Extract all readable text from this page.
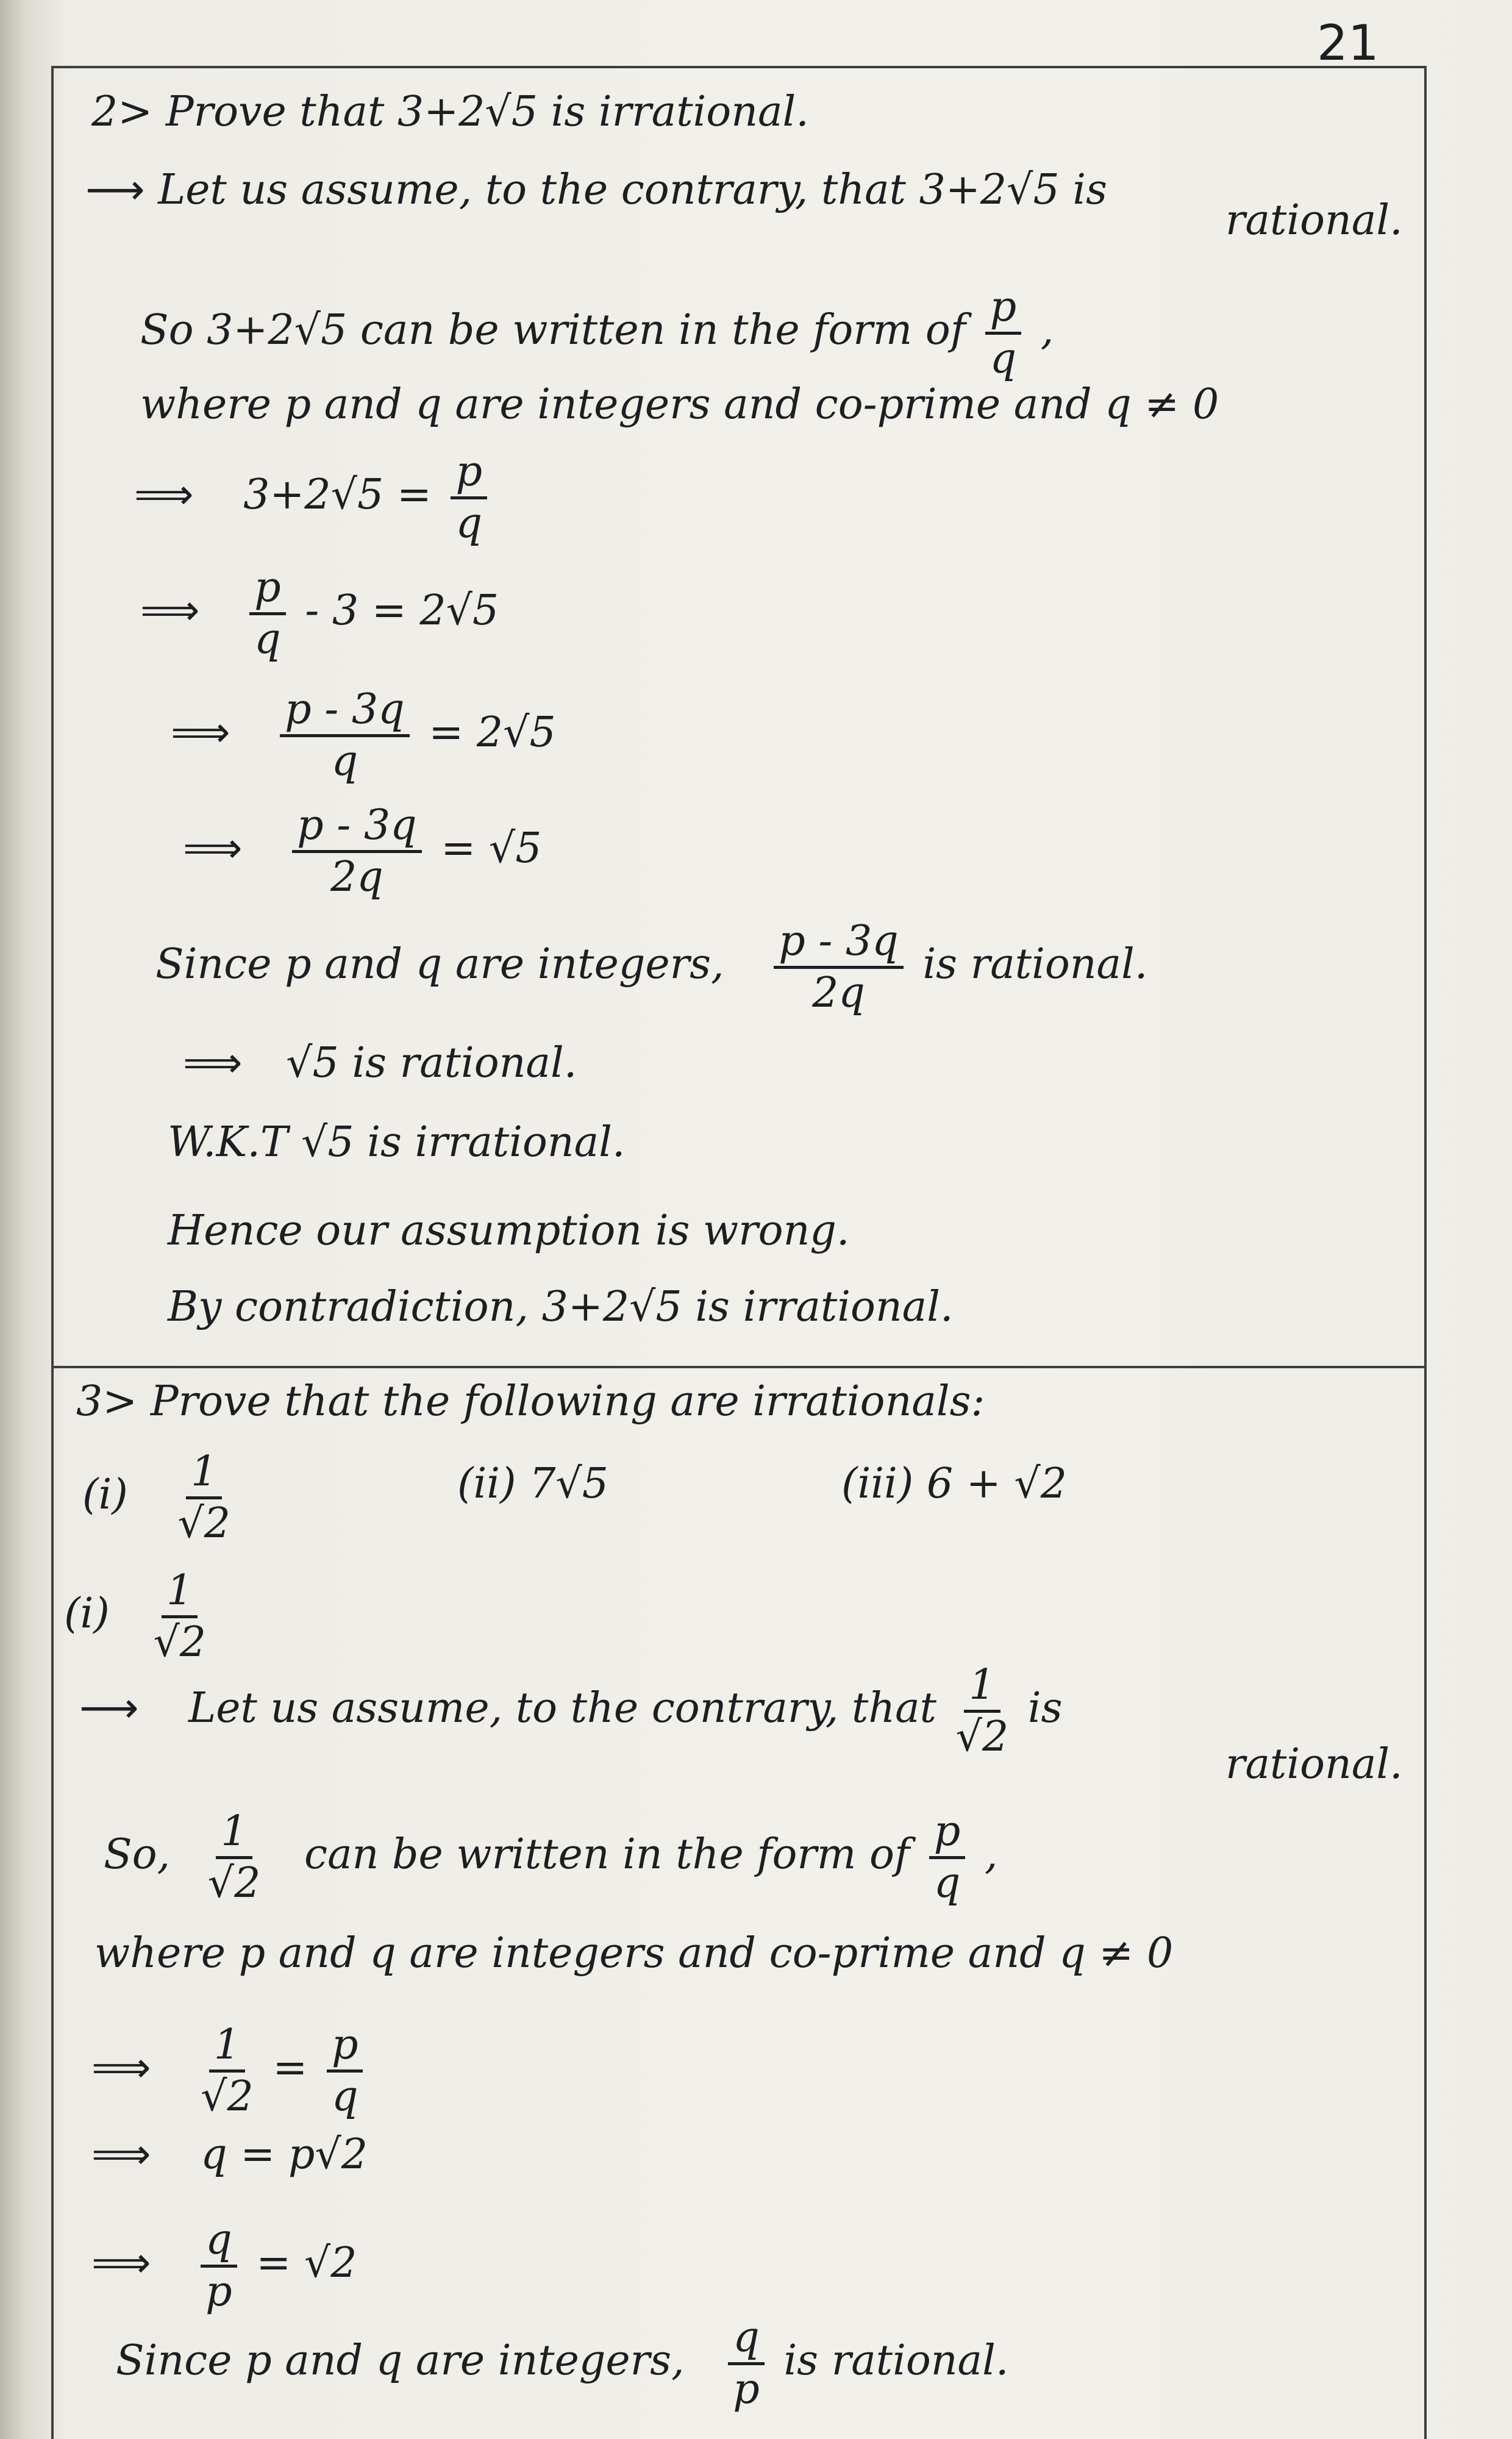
21
2> Prove that 3+2√5 is irrational.
⟶ Let us assume, to the contrary, that 3+2√5 is
rational.
So 3+2√5 can be written in the form of $\frac{p}{q}$ ,
where p and q are integers and co-prime and q ≠ 0
⟹ $3+2√5 = \frac{p}{q}$
⟹ $\frac{p}{q} - 3 = 2√5$
⟹ $\frac{p - 3q}{q} = 2√5$
⟹ $\frac{p - 3q}{2q} = √5$
Since p and q are integers, $\frac{p - 3q}{2q}$ is rational.
⟹ √5 is rational.
W.K.T √5 is irrational.
Hence our assumption is wrong.
By contradiction, 3+2√5 is irrational.
3> Prove that the following are irrationals:
$(i) \frac{1}{√2}$	(ii) 7√5	(iii) 6 + √2
$(i) \frac{1}{√2}$
⟶ Let us assume, to the contrary, that $\frac{1}{√2}$ is
rational.
So, $\frac{1}{√2}$ can be written in the form of $\frac{p}{q}$ ,
where p and q are integers and co-prime and q ≠ 0
⟹ $\frac{1}{√2} = \frac{p}{q}$
⟹ q = p√2
⟹ $\frac{q}{p} = √2$
Since p and q are integers, $\frac{q}{p}$ is rational.
